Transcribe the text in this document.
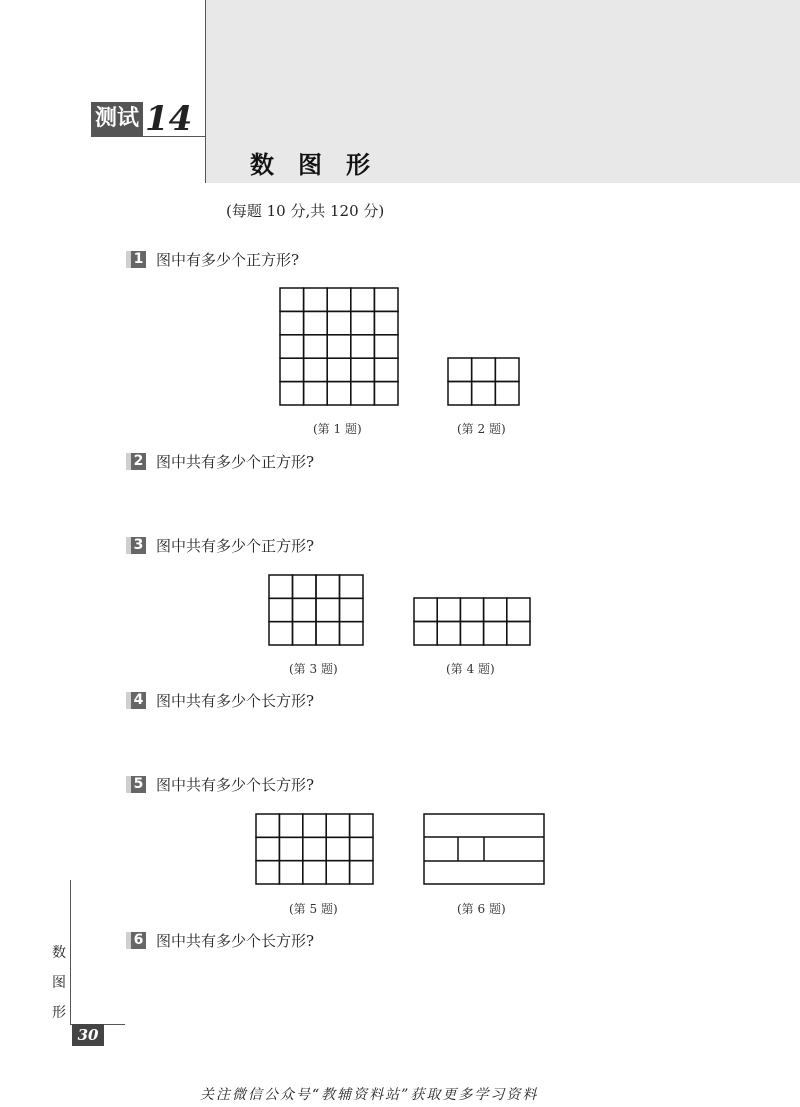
测试 14
数图形
(每题 10 分,共 120 分)
1 图中有多少个正方形?
2 图中共有多少个正方形?
3 图中共有多少个正方形?
4 图中共有多少个长方形?
5 图中共有多少个长方形?
6 图中共有多少个长方形?
(第 1 题)	(第 2 题)
(第 3 题)	(第 4 题)
(第 5 题)	(第 6 题)
数
图
形
30
关注微信公众号“教辅资料站”获取更多学习资料
